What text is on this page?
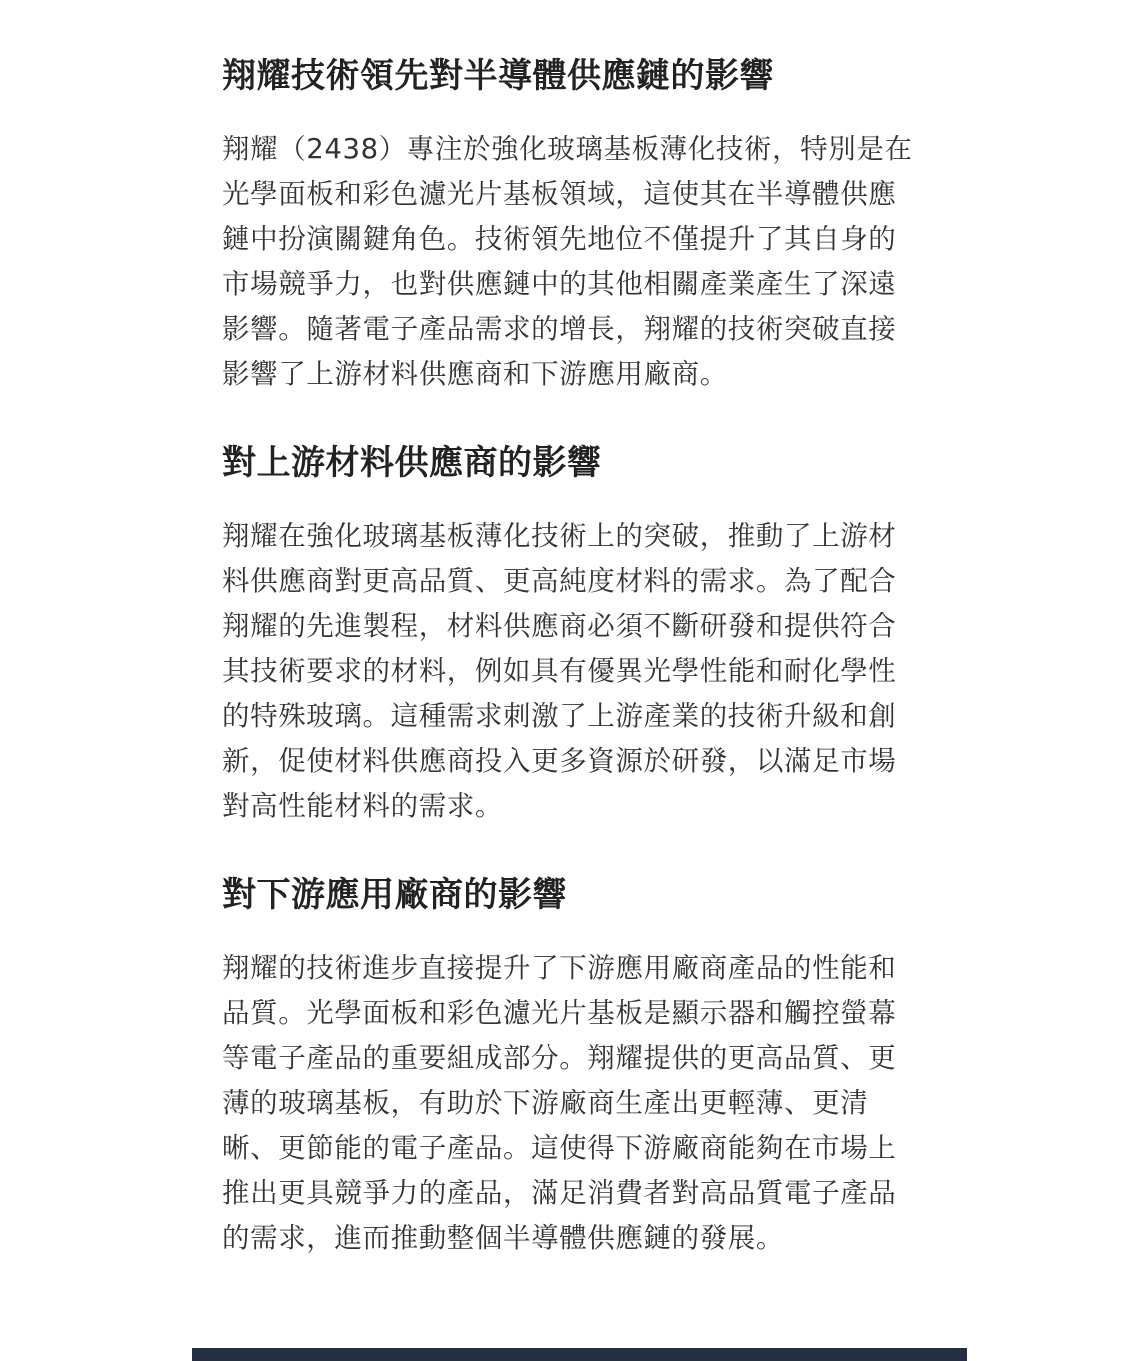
翔耀技術領先對半導體供應鏈的影響

翔耀（2438）專注於強化玻璃基板薄化技術，特別是在
光學面板和彩色濾光片基板領域，這使其在半導體供應
鏈中扮演關鍵角色。技術領先地位不僅提升了其自身的
市場競爭力，也對供應鏈中的其他相關產業產生了深遠
影響。隨著電子產品需求的增長，翔耀的技術突破直接
影響了上游材料供應商和下游應用廠商。

對上游材料供應商的影響

翔耀在強化玻璃基板薄化技術上的突破，推動了上游材
料供應商對更高品質、更高純度材料的需求。為了配合
翔耀的先進製程，材料供應商必須不斷研發和提供符合
其技術要求的材料，例如具有優異光學性能和耐化學性
的特殊玻璃。這種需求刺激了上游產業的技術升級和創
新，促使材料供應商投入更多資源於研發，以滿足市場
對高性能材料的需求。

對下游應用廠商的影響

翔耀的技術進步直接提升了下游應用廠商產品的性能和
品質。光學面板和彩色濾光片基板是顯示器和觸控螢幕
等電子產品的重要組成部分。翔耀提供的更高品質、更
薄的玻璃基板，有助於下游廠商生產出更輕薄、更清
晰、更節能的電子產品。這使得下游廠商能夠在市場上
推出更具競爭力的產品，滿足消費者對高品質電子產品
的需求，進而推動整個半導體供應鏈的發展。
